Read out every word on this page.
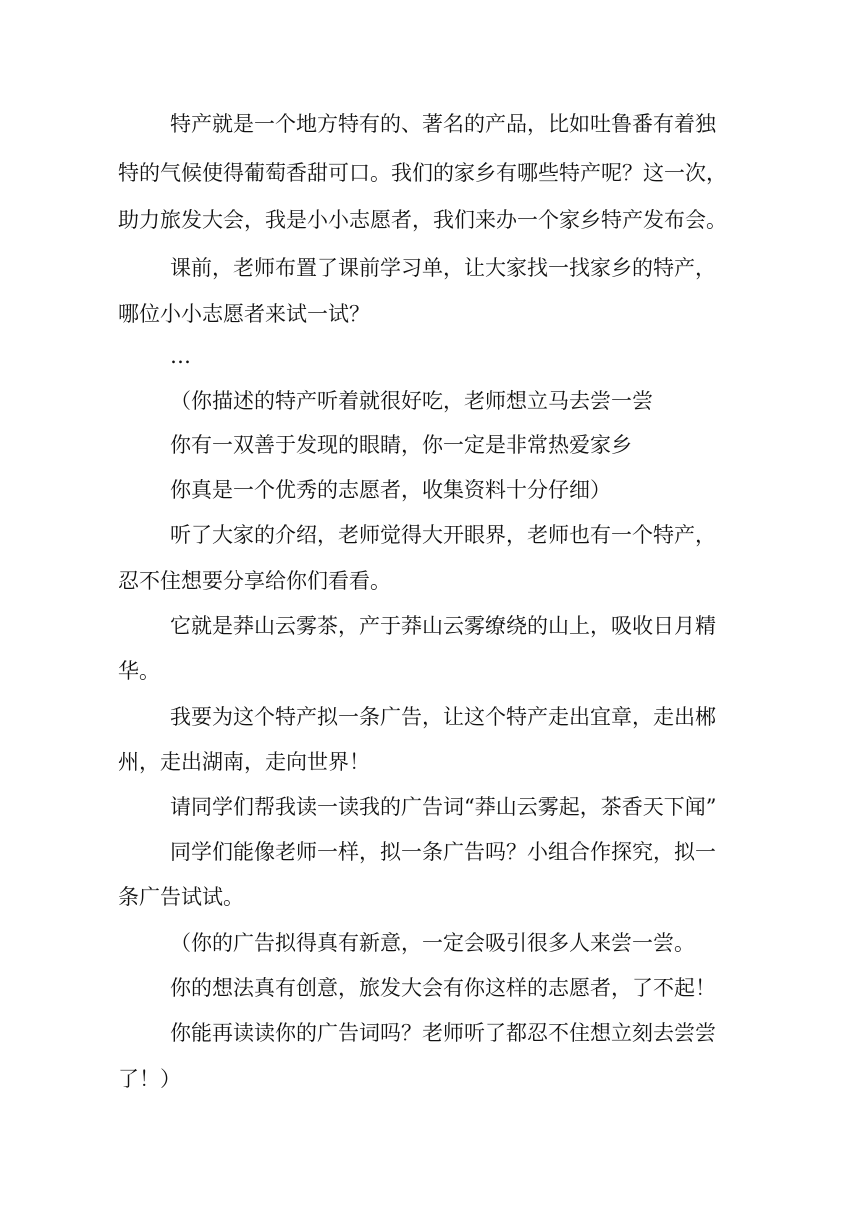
特产就是一个地方特有的、著名的产品，比如吐鲁番有着独
特的气候使得葡萄香甜可口。我们的家乡有哪些特产呢？这一次，
助力旅发大会，我是小小志愿者，我们来办一个家乡特产发布会。
课前，老师布置了课前学习单，让大家找一找家乡的特产，
哪位小小志愿者来试一试？
…
（你描述的特产听着就很好吃，老师想立马去尝一尝
你有一双善于发现的眼睛，你一定是非常热爱家乡
你真是一个优秀的志愿者，收集资料十分仔细）
听了大家的介绍，老师觉得大开眼界，老师也有一个特产，
忍不住想要分享给你们看看。
它就是莽山云雾茶，产于莽山云雾缭绕的山上，吸收日月精
华。
我要为这个特产拟一条广告，让这个特产走出宜章，走出郴
州，走出湖南，走向世界！
请同学们帮我读一读我的广告词“莽山云雾起，茶香天下闻”
同学们能像老师一样，拟一条广告吗？小组合作探究，拟一
条广告试试。
（你的广告拟得真有新意，一定会吸引很多人来尝一尝。
你的想法真有创意，旅发大会有你这样的志愿者，了不起！
你能再读读你的广告词吗？老师听了都忍不住想立刻去尝尝
了！）
